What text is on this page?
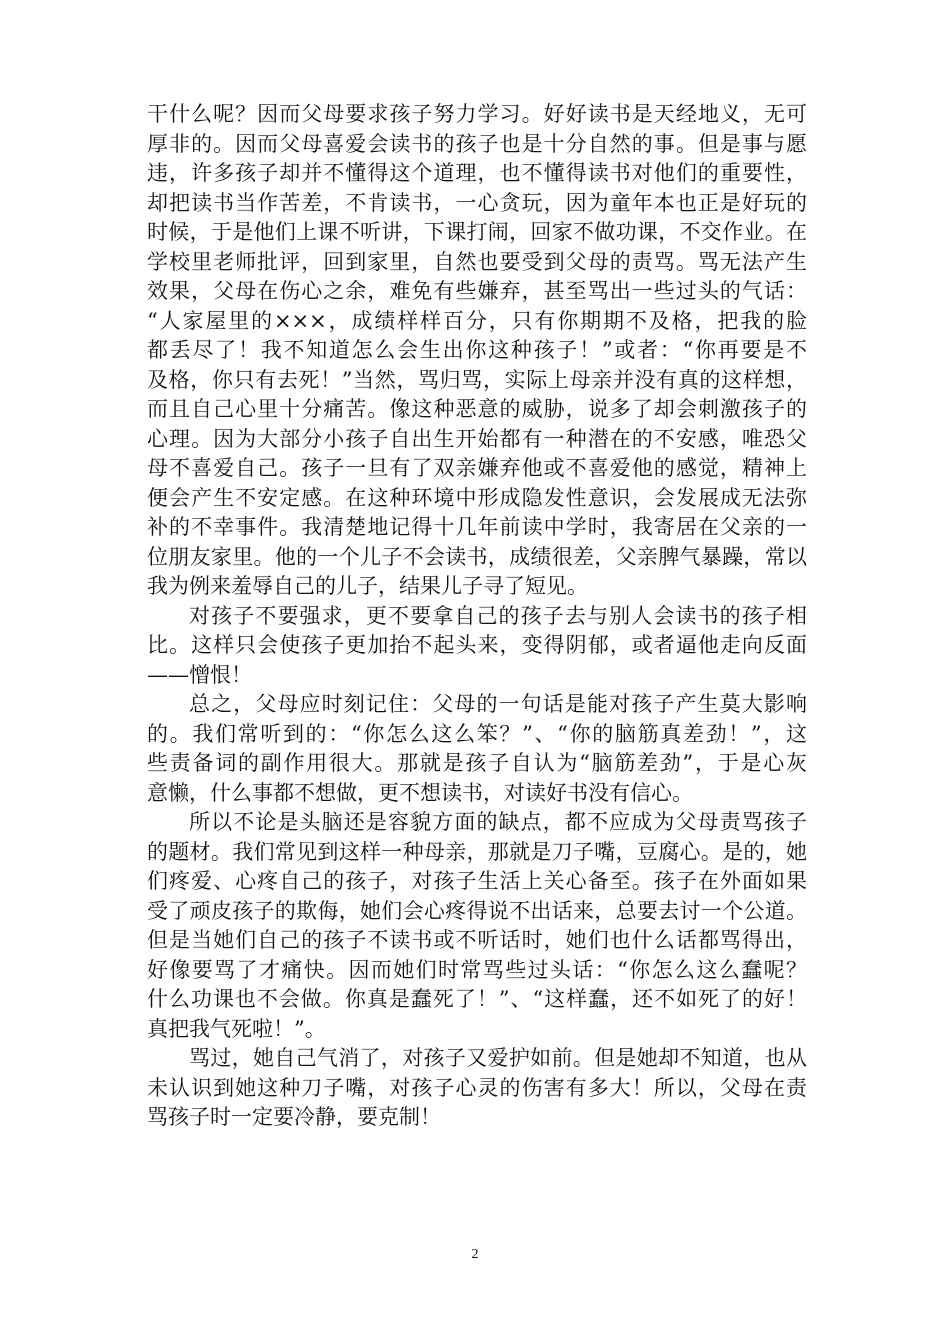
干什么呢？因而父母要求孩子努力学习。好好读书是天经地义，无可
厚非的。因而父母喜爱会读书的孩子也是十分自然的事。但是事与愿
违，许多孩子却并不懂得这个道理，也不懂得读书对他们的重要性，
却把读书当作苦差，不肯读书，一心贪玩，因为童年本也正是好玩的
时候，于是他们上课不听讲，下课打闹，回家不做功课，不交作业。在
学校里老师批评，回到家里，自然也要受到父母的责骂。骂无法产生
效果，父母在伤心之余，难免有些嫌弃，甚至骂出一些过头的气话：
“人家屋里的×××，成绩样样百分，只有你期期不及格，把我的脸
都丢尽了！我不知道怎么会生出你这种孩子！”或者：“你再要是不
及格，你只有去死！”当然，骂归骂，实际上母亲并没有真的这样想，
而且自己心里十分痛苦。像这种恶意的威胁，说多了却会刺激孩子的
心理。因为大部分小孩子自出生开始都有一种潜在的不安感，唯恐父
母不喜爱自己。孩子一旦有了双亲嫌弃他或不喜爱他的感觉，精神上
便会产生不安定感。在这种环境中形成隐发性意识，会发展成无法弥
补的不幸事件。我清楚地记得十几年前读中学时，我寄居在父亲的一
位朋友家里。他的一个儿子不会读书，成绩很差，父亲脾气暴躁，常以
我为例来羞辱自己的儿子，结果儿子寻了短见。
对孩子不要强求，更不要拿自己的孩子去与别人会读书的孩子相
比。这样只会使孩子更加抬不起头来，变得阴郁，或者逼他走向反面
——憎恨！
总之，父母应时刻记住：父母的一句话是能对孩子产生莫大影响
的。我们常听到的：“你怎么这么笨？”、“你的脑筋真差劲！”，这
些责备词的副作用很大。那就是孩子自认为“脑筋差劲”，于是心灰
意懒，什么事都不想做，更不想读书，对读好书没有信心。
所以不论是头脑还是容貌方面的缺点，都不应成为父母责骂孩子
的题材。我们常见到这样一种母亲，那就是刀子嘴，豆腐心。是的，她
们疼爱、心疼自己的孩子，对孩子生活上关心备至。孩子在外面如果
受了顽皮孩子的欺侮，她们会心疼得说不出话来，总要去讨一个公道。
但是当她们自己的孩子不读书或不听话时，她们也什么话都骂得出，
好像要骂了才痛快。因而她们时常骂些过头话：“你怎么这么蠢呢？
什么功课也不会做。你真是蠢死了！”、“这样蠢，还不如死了的好！
真把我气死啦！”。
骂过，她自己气消了，对孩子又爱护如前。但是她却不知道，也从
未认识到她这种刀子嘴，对孩子心灵的伤害有多大！所以，父母在责
骂孩子时一定要冷静，要克制！
2
